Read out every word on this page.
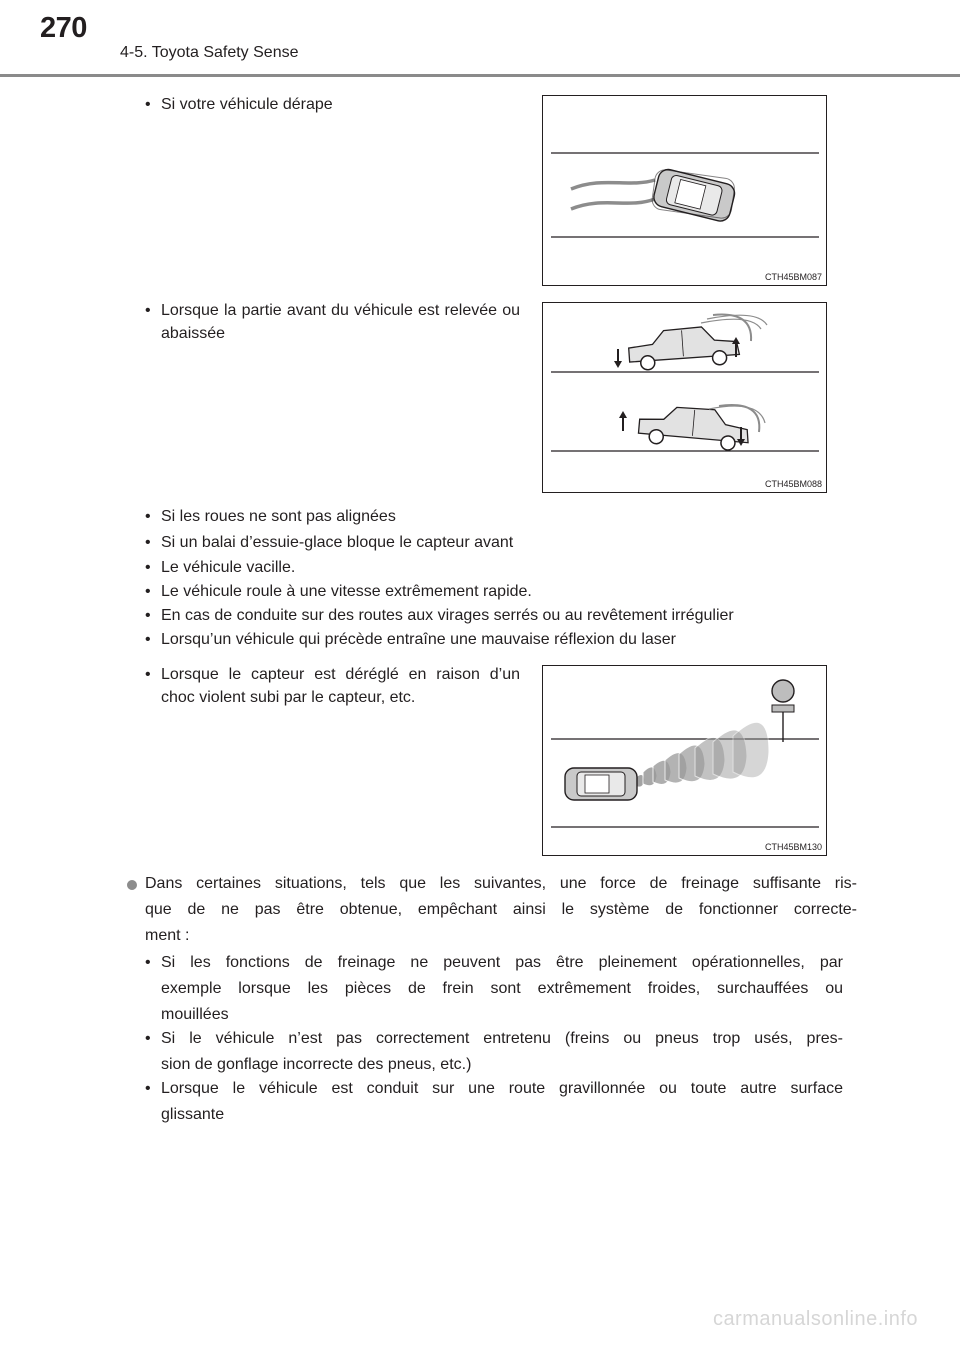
270
4-5. Toyota Safety Sense
• Si votre véhicule dérape
CTH45BM087
• Lorsque la partie avant du véhicule est relevée ou abaissée
CTH45BM088
• Si les roues ne sont pas alignées
• Si un balai d’essuie-glace bloque le capteur avant
• Le véhicule vacille.
• Le véhicule roule à une vitesse extrêmement rapide.
• En cas de conduite sur des routes aux virages serrés ou au revêtement irrégulier
• Lorsqu’un véhicule qui précède entraîne une mauvaise réflexion du laser
• Lorsque le capteur est déréglé en raison d’un choc violent subi par le capteur, etc.
CTH45BM130
Dans certaines situations, tels que les suivantes, une force de freinage suffisante ris-
que de ne pas être obtenue, empêchant ainsi le système de fonctionner correcte-
ment :
• Si les fonctions de freinage ne peuvent pas être pleinement opérationnelles, par
exemple lorsque les pièces de frein sont extrêmement froides, surchauffées ou
mouillées
• Si le véhicule n’est pas correctement entretenu (freins ou pneus trop usés, pres-
sion de gonflage incorrecte des pneus, etc.)
• Lorsque le véhicule est conduit sur une route gravillonnée ou toute autre surface
glissante
carmanualsonline.info
